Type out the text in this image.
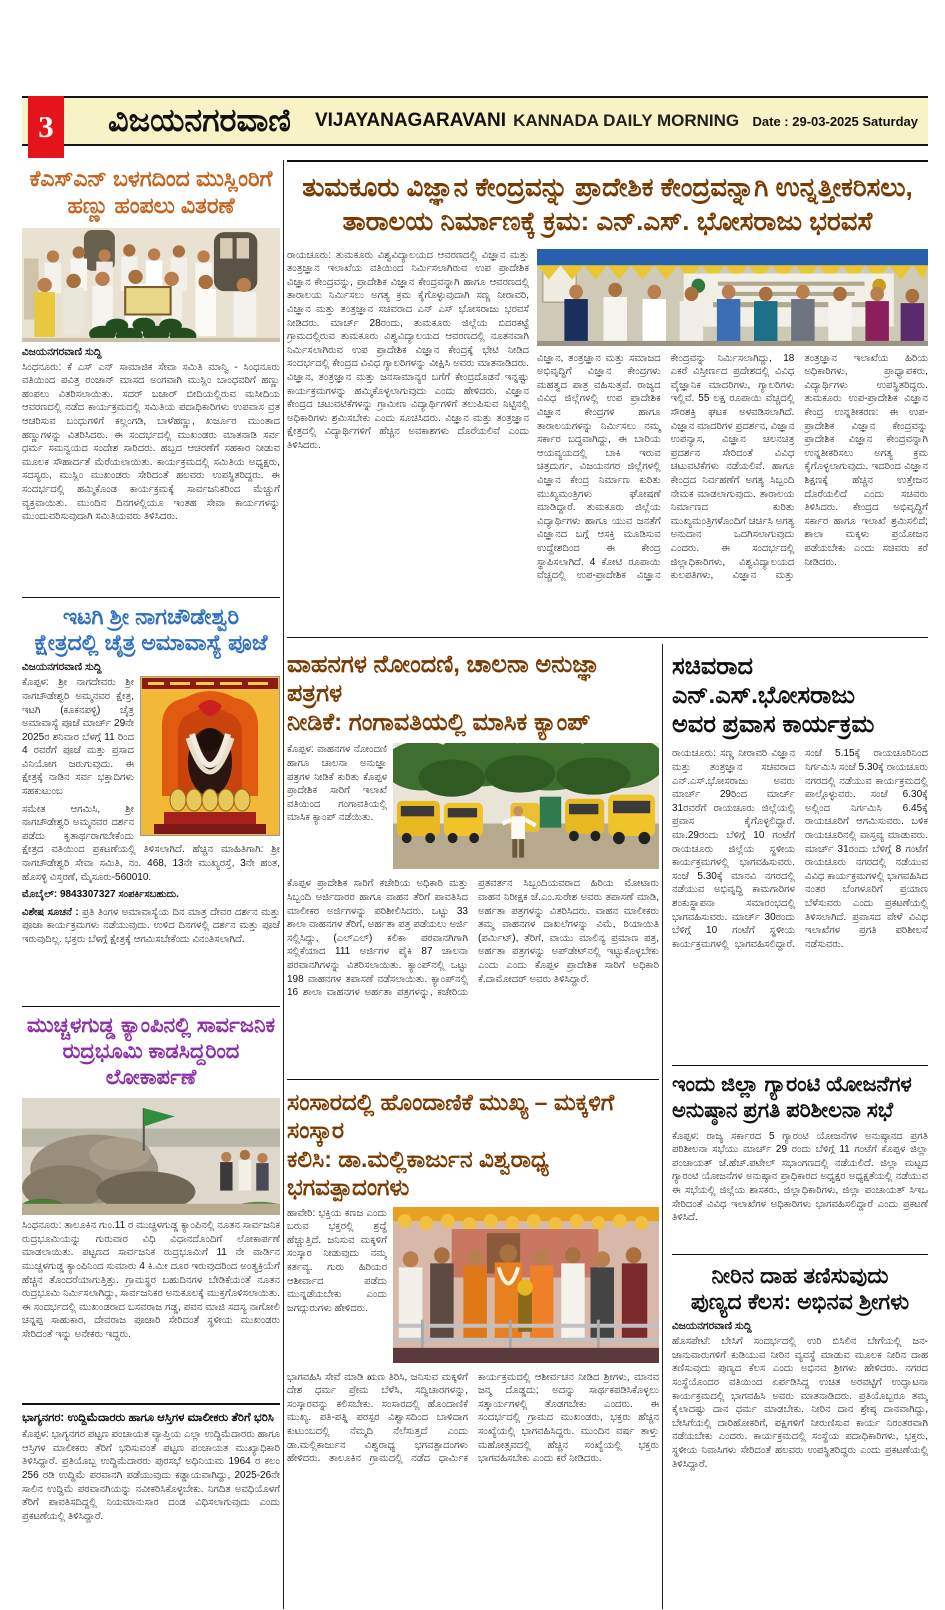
3 ವಿಜಯನಗರವಾಣಿ VIJAYANAGARAVANI KANNADA DAILY MORNING Date : 29-03-2025 Saturday
ಕೆಎಸ್‌ಎನ್ ಬಳಗದಿಂದ ಮುಸ್ಲಿಂರಿಗೆ
ಹಣ್ಣು ಹಂಪಲು ವಿತರಣೆ
ವಿಜಯನಗರವಾಣಿ ಸುದ್ದಿ
ಸಿಂಧನೂರು: ಕೆ ಎಸ್ ಎನ್ ಸಾಮಾಜಿಕ ಸೇವಾ ಸಮಿತಿ ಮಾನ್ವಿ - ಸಿಂಧನೂರು ವತಿಯಿಂದ ಪವಿತ್ರ ರಂಜಾನ್ ಮಾಸದ ಅಂಗವಾಗಿ ಮುಸ್ಲಿಂ ಬಾಂಧವರಿಗೆ ಹಣ್ಣು ಹಂಪಲು ವಿತರಿಸಲಾಯಿತು. ಸದರ್ ಬಜಾರ್ ಬೀದಿಯಲ್ಲಿರುವ ಮಸೀದಿಯ ಆವರಣದಲ್ಲಿ ನಡೆದ ಕಾರ್ಯಕ್ರಮದಲ್ಲಿ ಸಮಿತಿಯ ಪದಾಧಿಕಾರಿಗಳು ಉಪವಾಸ ವ್ರತ ಆಚರಿಸುವ ಬಂಧುಗಳಿಗೆ ಕಲ್ಲಂಗಡಿ, ಬಾಳೆಹಣ್ಣು, ಖರ್ಜೂರ ಮುಂತಾದ ಹಣ್ಣುಗಳನ್ನು ವಿತರಿಸಿದರು. ಈ ಸಂದರ್ಭದಲ್ಲಿ ಮುಖಂಡರು ಮಾತನಾಡಿ ಸರ್ವ ಧರ್ಮ ಸಮನ್ವಯದ ಸಂದೇಶ ಸಾರಿದರು. ಹಬ್ಬದ ಆಚರಣೆಗೆ ಸಹಕಾರ ನೀಡುವ ಮೂಲಕ ಸೌಹಾರ್ದತೆ ಮೆರೆಯಲಾಯಿತು. ಕಾರ್ಯಕ್ರಮದಲ್ಲಿ ಸಮಿತಿಯ ಅಧ್ಯಕ್ಷರು, ಸದಸ್ಯರು, ಮುಸ್ಲಿಂ ಮುಖಂಡರು ಸೇರಿದಂತೆ ಹಲವರು ಉಪಸ್ಥಿತರಿದ್ದರು. ಈ ಸಂದರ್ಭದಲ್ಲಿ ಹಮ್ಮಿಕೊಂಡ ಕಾರ್ಯಕ್ರಮಕ್ಕೆ ಸಾರ್ವಜನಿಕರಿಂದ ಮೆಚ್ಚುಗೆ ವ್ಯಕ್ತವಾಯಿತು. ಮುಂದಿನ ದಿನಗಳಲ್ಲಿಯೂ ಇಂತಹ ಸೇವಾ ಕಾರ್ಯಗಳನ್ನು ಮುಂದುವರಿಸುವುದಾಗಿ ಸಮಿತಿಯವರು ತಿಳಿಸಿದರು.
ಇಟಗಿ ಶ್ರೀ ನಾಗಚೌಡೇಶ್ವರಿ
ಕ್ಷೇತ್ರದಲ್ಲಿ ಚೈತ್ರ ಅಮಾವಾಸ್ಯೆ ಪೂಜೆ
ವಿಜಯನಗರವಾಣಿ ಸುದ್ದಿ

ಕೊಪ್ಪಳ: ಶ್ರೀ ನಾಗದೇವರು ಶ್ರೀ ನಾಗಚೌಡೇಶ್ವರಿ ಅಮ್ಮನವರ ಕ್ಷೇತ್ರ, ಇಟಗಿ (ಕೂಕನಪಳ್ಳಿ) ಚೈತ್ರ ಅಮಾವಾಸ್ಯೆ ಪೂಜೆ ಮಾರ್ಚ್ 29ನೇ 2025ರ ಶನಿವಾರ ಬೆಳಗ್ಗೆ 11 ರಿಂದ 4 ರವರೆಗೆ ಪೂಜೆ ಮತ್ತು ಪ್ರಸಾದ ವಿನಿಯೋಗ ಜರುಗುವುದು. ಈ ಕ್ಷೇತ್ರಕ್ಕೆ ನಾಡಿನ ಸರ್ವ ಭಕ್ತಾದಿಗಳು ಸಹಕುಟುಂಬ

ಸಮೇತ ಆಗಮಿಸಿ, ಶ್ರೀ ನಾಗಚೌಡೇಶ್ವರಿ ಅಮ್ಮನವರ ದರ್ಶನ ಪಡೆದು ಕೃತಾರ್ಥರಾಗಬೇಕೆಂದು ಕ್ಷೇತ್ರದ ವತಿಯಿಂದ ಪ್ರಕಟಣೆಯಲ್ಲಿ ತಿಳಿಸಲಾಗಿದೆ. ಹೆಚ್ಚಿನ ಮಾಹಿತಿಗಾಗಿ: ಶ್ರೀ ನಾಗಚೌಡೇಶ್ವರಿ ಸೇವಾ ಸಮಿತಿ, ನಂ. 468, 13ನೇ ಮುಖ್ಯರಸ್ತೆ, 3ನೇ ಹಂತ, ಹೊಸಳ್ಳಿ ವಿಸ್ತರಣೆ, ಮೈಸೂರು-560010.

ಮೊಬೈಲ್: 9843307327 ಸಂಪರ್ಕಿಸಬಹುದು.

ವಿಶೇಷ ಸೂಚನೆ : ಪ್ರತಿ ತಿಂಗಳ ಅಮಾವಾಸ್ಯೆಯ ದಿನ ಮಾತ್ರ ದೇವರ ದರ್ಶನ ಮತ್ತು ಪೂಜಾ ಕಾರ್ಯಕ್ರಮಗಳು ನಡೆಯುವುದು. ಉಳಿದ ದಿನಗಳಲ್ಲಿ ದರ್ಶನ ಮತ್ತು ಪೂಜೆ ಇರುವುದಿಲ್ಲ. ಭಕ್ತರು ಬೆಳಗ್ಗೆ ಕ್ಷೇತ್ರಕ್ಕೆ ಆಗಮಿಸಬೇಕೆಂದು ವಿನಂತಿಸಲಾಗಿದೆ.

ಮುಚ್ಚಳಗುಡ್ಡ ಕ್ಯಾಂಪಿನಲ್ಲಿ ಸಾರ್ವಜನಿಕ
ರುದ್ರಭೂಮಿ ಕಾಡಸಿದ್ದರಿಂದ ಲೋಕಾರ್ಪಣೆ
ಸಿಂಧನೂರು: ತಾಲೂಕಿನ ಗುಂ.11 ರ ಮುಚ್ಚಳಗುಡ್ಡ ಕ್ಯಾಂಪಿನಲ್ಲಿ ನೂತನ ಸಾರ್ವಜನಿಕ ರುದ್ರಭೂಮಿಯನ್ನು ಗುರುವಾರ ವಿಧಿ ವಿಧಾನದೊಂದಿಗೆ ಲೋಕಾರ್ಪಣೆ ಮಾಡಲಾಯಿತು. ಪಟ್ಟಣದ ಸಾರ್ವಜನಿಕ ರುದ್ರಭೂಮಿಗೆ 11 ನೇ ವಾರ್ಡಿನ ಮುಚ್ಚಳಗುಡ್ಡ ಕ್ಯಾಂಪಿನಿಂದ ಸುಮಾರು 4 ಕಿ.ಮೀ ದೂರ ಇರುವುದರಿಂದ ಅಂತ್ಯಕ್ರಿಯೆಗೆ ಹೆಚ್ಚಿನ ತೊಂದರೆಯಾಗುತ್ತಿತ್ತು. ಗ್ರಾಮಸ್ಥರ ಬಹುದಿನಗಳ ಬೇಡಿಕೆಯಂತೆ ನೂತನ ರುದ್ರಭೂಮಿ ನಿರ್ಮಿಸಲಾಗಿದ್ದು, ಸಾರ್ವಜನಿಕರ ಅನುಕೂಲಕ್ಕೆ ಮುಕ್ತಗೊಳಿಸಲಾಯಿತು. ಈ ಸಂದರ್ಭದಲ್ಲಿ ಮುಖಂಡರಾದ ಬಸವರಾಜ ಗಡ್ಡ, ಪವನ ಮಾಜಿ ಸದಸ್ಯ ನಾಗೋಲಿ ಚನ್ನಪ್ಪ ಸಾಹುಕಾರ, ದೇವರಾಜ ಪೂಜಾರಿ ಸೇರಿದಂತೆ ಸ್ಥಳೀಯ ಮುಖಂಡರು ಸೇರಿದಂತೆ ಇನ್ನು ಅನೇಕರು ಇದ್ದರು.
ಭಾಗ್ಯನಗರ: ಉದ್ದಿಮೆದಾರರು ಹಾಗೂ ಆಸ್ತಿಗಳ ಮಾಲೀಕರು ತೆರಿಗೆ ಭರಿಸಿ
ಕೊಪ್ಪಳ: ಭಾಗ್ಯನಗರ ಪಟ್ಟಣ ಪಂಚಾಯತ ವ್ಯಾಪ್ತಿಯ ಎಲ್ಲಾ ಉದ್ದಿಮೆದಾರರು ಹಾಗೂ ಆಸ್ತಿಗಳ ಮಾಲೀಕರು ತೆರಿಗೆ ಭರಿಸುವಂತೆ ಪಟ್ಟಣ ಪಂಚಾಯತ ಮುಖ್ಯಾಧಿಕಾರಿ ತಿಳಿಸಿದ್ದಾರೆ. ಪ್ರತಿಯೊಬ್ಬ ಉದ್ದಿಮೆದಾರರು ಪುರಸಭೆ ಅಧಿನಿಯಮ 1964 ರ ಕಲಂ 256 ರಡಿ ಉದ್ದಿಮೆ ಪರವಾನಗಿ ಪಡೆಯುವುದು ಕಡ್ಡಾಯವಾಗಿದ್ದು, 2025-26ನೇ ಸಾಲಿನ ಉದ್ದಿಮೆ ಪರವಾನಗಿಯನ್ನು ನವೀಕರಿಸಿಕೊಳ್ಳಬೇಕು. ನಿಗದಿತ ಅವಧಿಯೊಳಗೆ ತೆರಿಗೆ ಪಾವತಿಸದಿದ್ದಲ್ಲಿ ನಿಯಮಾನುಸಾರ ದಂಡ ವಿಧಿಸಲಾಗುವುದು ಎಂದು ಪ್ರಕಟಣೆಯಲ್ಲಿ ತಿಳಿಸಿದ್ದಾರೆ.
ತುಮಕೂರು ವಿಜ್ಞಾನ ಕೇಂದ್ರವನ್ನು ಪ್ರಾದೇಶಿಕ ಕೇಂದ್ರವನ್ನಾಗಿ ಉನ್ನತ್ತೀಕರಿಸಲು,
ತಾರಾಲಯ ನಿರ್ಮಾಣಕ್ಕೆ ಕ್ರಮ: ಎನ್.ಎಸ್. ಭೋಸರಾಜು ಭರವಸೆ
ರಾಯಚೂರು: ತುಮಕೂರು ವಿಶ್ವವಿದ್ಯಾಲಯದ ಆವರಣದಲ್ಲಿ ವಿಜ್ಞಾನ ಮತ್ತು ತಂತ್ರಜ್ಞಾನ ಇಲಾಖೆಯ ವತಿಯಿಂದ ನಿರ್ಮಿಸಲಾಗಿರುವ ಉಪ ಪ್ರಾದೇಶಿಕ ವಿಜ್ಞಾನ ಕೇಂದ್ರವನ್ನು, ಪ್ರಾದೇಶಿಕ ವಿಜ್ಞಾನ ಕೇಂದ್ರವನ್ನಾಗಿ ಹಾಗೂ ಆವರಣದಲ್ಲಿ ತಾರಾಲಯ ನಿರ್ಮಿಸಲು ಅಗತ್ಯ ಕ್ರಮ ಕೈಗೊಳ್ಳುವುದಾಗಿ ಸಣ್ಣ ನೀರಾವರಿ, ವಿಜ್ಞಾನ ಮತ್ತು ತಂತ್ರಜ್ಞಾನ ಸಚಿವರಾದ ಎನ್ ಎಸ್ ಭೋಸರಾಜು ಭರವಸೆ ನೀಡಿದರು. ಮಾರ್ಚ್ 28ರಂದು, ತುಮಕೂರು ಜಿಲ್ಲೆಯ ಬಿದರಕಟ್ಟೆ ಗ್ರಾಮದಲ್ಲಿರುವ ತುಮಕೂರು ವಿಶ್ವವಿದ್ಯಾಲಯದ ಆವರಣದಲ್ಲಿ ನೂತನವಾಗಿ ನಿರ್ಮಿಸಲಾಗಿರುವ ಉಪ ಪ್ರಾದೇಶಿಕ ವಿಜ್ಞಾನ ಕೇಂದ್ರಕ್ಕೆ ಭೇಟಿ ನೀಡಿದ ಸಂದರ್ಭದಲ್ಲಿ ಕೇಂದ್ರದ ವಿವಿಧ ಗ್ಯಾಲರಿಗಳನ್ನು ವೀಕ್ಷಿಸಿ ಅವರು ಮಾತನಾಡಿದರು. ವಿಜ್ಞಾನ, ತಂತ್ರಜ್ಞಾನ ಮತ್ತು ಜನಸಾಮಾನ್ಯರ ಬಗೆಗೆ ಕೇಂದ್ರದೊಡನೆ ಇನ್ನಷ್ಟು ಕಾರ್ಯಕ್ರಮಗಳನ್ನು ಹಮ್ಮಿಕೊಳ್ಳಲಾಗುವುದು ಎಂದು ಹೇಳಿದರು. ವಿಜ್ಞಾನ ಕೇಂದ್ರದ ಚಟುವಟಿಕೆಗಳನ್ನು ಗ್ರಾಮೀಣ ವಿದ್ಯಾರ್ಥಿಗಳಿಗೆ ತಲುಪಿಸುವ ನಿಟ್ಟಿನಲ್ಲಿ ಅಧಿಕಾರಿಗಳು ಶ್ರಮಿಸಬೇಕು ಎಂದು ಸೂಚಿಸಿದರು. ವಿಜ್ಞಾನ ಮತ್ತು ತಂತ್ರಜ್ಞಾನ ಕ್ಷೇತ್ರದಲ್ಲಿ ವಿದ್ಯಾರ್ಥಿಗಳಿಗೆ ಹೆಚ್ಚಿನ ಅವಕಾಶಗಳು ದೊರೆಯಲಿವೆ ಎಂದು ತಿಳಿಸಿದರು.
ವಿಜ್ಞಾನ, ತಂತ್ರಜ್ಞಾನ ಮತ್ತು ಸಮಾಜದ ಅಭಿವೃದ್ಧಿಗೆ ವಿಜ್ಞಾನ ಕೇಂದ್ರಗಳು ಮಹತ್ವದ ಪಾತ್ರ ವಹಿಸುತ್ತವೆ. ರಾಜ್ಯದ ವಿವಿಧ ಜಿಲ್ಲೆಗಳಲ್ಲಿ ಉಪ ಪ್ರಾದೇಶಿಕ ವಿಜ್ಞಾನ ಕೇಂದ್ರಗಳ ಹಾಗೂ ತಾರಾಲಯಗಳನ್ನು ನಿರ್ಮಿಸಲು ನಮ್ಮ ಸರ್ಕಾರ ಬದ್ಧವಾಗಿದ್ದು, ಈ ಬಾರಿಯ ಆಯವ್ಯಯದಲ್ಲಿ ಬಾಕಿ ಇರುವ ಚಿತ್ರದುರ್ಗ, ವಿಜಯನಗರ ಜಿಲ್ಲೆಗಳಲ್ಲಿ ವಿಜ್ಞಾನ ಕೇಂದ್ರ ನಿರ್ಮಾಣ ಕುರಿತು ಮುಖ್ಯಮಂತ್ರಿಗಳು ಘೋಷಣೆ ಮಾಡಿದ್ದಾರೆ. ತುಮಕೂರು ಜಿಲ್ಲೆಯ ವಿದ್ಯಾರ್ಥಿಗಳು ಹಾಗೂ ಯುವ ಜನತೆಗೆ ವಿಜ್ಞಾನದ ಬಗ್ಗೆ ಆಸಕ್ತಿ ಮೂಡಿಸುವ ಉದ್ದೇಶದಿಂದ ಈ ಕೇಂದ್ರ ಸ್ಥಾಪಿಸಲಾಗಿದೆ. 4 ಕೋಟಿ ರೂಪಾಯಿ ವೆಚ್ಚದಲ್ಲಿ ಉಪ-ಪ್ರಾದೇಶಿಕ ವಿಜ್ಞಾನ ಕೇಂದ್ರವನ್ನು ನಿರ್ಮಿಸಲಾಗಿದ್ದು, 18 ಎಕರೆ ವಿಸ್ತೀರ್ಣದ ಪ್ರದೇಶದಲ್ಲಿ ವಿವಿಧ ವೈಜ್ಞಾನಿಕ ಮಾದರಿಗಳು, ಗ್ಯಾಲರಿಗಳು ಇಲ್ಲಿವೆ. 55 ಲಕ್ಷ ರೂಪಾಯಿ ವೆಚ್ಚದಲ್ಲಿ ಸೌರಶಕ್ತಿ ಘಟಕ ಅಳವಡಿಸಲಾಗಿದೆ. ವಿಜ್ಞಾನ ಮಾದರಿಗಳ ಪ್ರದರ್ಶನ, ವಿಜ್ಞಾನ ಉಪನ್ಯಾಸ, ವಿಜ್ಞಾನ ಚಲನಚಿತ್ರ ಪ್ರದರ್ಶನ ಸೇರಿದಂತೆ ವಿವಿಧ ಚಟುವಟಿಕೆಗಳು ನಡೆಯಲಿವೆ. ಹಾಗೂ ಕೇಂದ್ರದ ನಿರ್ವಹಣೆಗೆ ಅಗತ್ಯ ಸಿಬ್ಬಂದಿ ನೇಮಕ ಮಾಡಲಾಗುವುದು. ತಾರಾಲಯ ನಿರ್ಮಾಣದ ಕುರಿತು ಮುಖ್ಯಮಂತ್ರಿಗಳೊಂದಿಗೆ ಚರ್ಚಿಸಿ ಅಗತ್ಯ ಅನುದಾನ ಒದಗಿಸಲಾಗುವುದು ಎಂದರು. ಈ ಸಂದರ್ಭದಲ್ಲಿ ಜಿಲ್ಲಾಧಿಕಾರಿಗಳು, ವಿಶ್ವವಿದ್ಯಾಲಯದ ಕುಲಪತಿಗಳು, ವಿಜ್ಞಾನ ಮತ್ತು ತಂತ್ರಜ್ಞಾನ ಇಲಾಖೆಯ ಹಿರಿಯ ಅಧಿಕಾರಿಗಳು, ಪ್ರಾಧ್ಯಾಪಕರು, ವಿದ್ಯಾರ್ಥಿಗಳು ಉಪಸ್ಥಿತರಿದ್ದರು. ತುಮಕೂರು ಉಪ-ಪ್ರಾದೇಶಿಕ ವಿಜ್ಞಾನ ಕೇಂದ್ರ ಉನ್ನತೀಕರಣ: ಈ ಉಪ-ಪ್ರಾದೇಶಿಕ ವಿಜ್ಞಾನ ಕೇಂದ್ರವನ್ನು ಪ್ರಾದೇಶಿಕ ವಿಜ್ಞಾನ ಕೇಂದ್ರವನ್ನಾಗಿ ಉನ್ನತೀಕರಿಸಲು ಅಗತ್ಯ ಕ್ರಮ ಕೈಗೊಳ್ಳಲಾಗುವುದು. ಇದರಿಂದ ವಿಜ್ಞಾನ ಶಿಕ್ಷಣಕ್ಕೆ ಹೆಚ್ಚಿನ ಉತ್ತೇಜನ ದೊರೆಯಲಿದೆ ಎಂದು ಸಚಿವರು ತಿಳಿಸಿದರು. ಕೇಂದ್ರದ ಅಭಿವೃದ್ಧಿಗೆ ಸರ್ಕಾರ ಹಾಗೂ ಇಲಾಖೆ ಶ್ರಮಿಸಲಿದೆ; ಶಾಲಾ ಮಕ್ಕಳು ಪ್ರಯೋಜನ ಪಡೆಯಬೇಕು ಎಂದು ಸಚಿವರು ಕರೆ ನೀಡಿದರು.
ವಾಹನಗಳ ನೋಂದಣಿ, ಚಾಲನಾ ಅನುಜ್ಞಾ ಪತ್ರಗಳ
ನೀಡಿಕೆ: ಗಂಗಾವತಿಯಲ್ಲಿ ಮಾಸಿಕ ಕ್ಯಾಂಪ್
ಕೊಪ್ಪಳ: ವಾಹನಗಳ ನೋಂದಣಿ ಹಾಗೂ ಚಾಲನಾ ಅನುಜ್ಞಾ ಪತ್ರಗಳ ನೀಡಿಕೆ ಕುರಿತು ಕೊಪ್ಪಳ ಪ್ರಾದೇಶಿಕ ಸಾರಿಗೆ ಇಲಾಖೆ ವತಿಯಿಂದ ಗಂಗಾವತಿಯಲ್ಲಿ ಮಾಸಿಕ ಕ್ಯಾಂಪ್ ನಡೆಯಿತು.
ಕೊಪ್ಪಳ ಪ್ರಾದೇಶಿಕ ಸಾರಿಗೆ ಕಚೇರಿಯ ಅಧಿಕಾರಿ ಮತ್ತು ಸಿಬ್ಬಂದಿ ಅರ್ಜಿದಾರರ ಹಾಗೂ ವಾಹನ ತೆರಿಗೆ ಪಾವತಿಸಿದ ಮಾಲೀಕರ ಅರ್ಜಿಗಳನ್ನು ಪರಿಶೀಲಿಸಿದರು. ಒಟ್ಟು 33 ಶಾಲಾ ವಾಹನಗಳ ತೆರಿಗೆ, ಅರ್ಹತಾ ಪತ್ರ ಪಡೆಯಲು ಅರ್ಜಿ ಸಲ್ಲಿಸಿದ್ದು, (ಎಲ್‌ಎಲ್) ಕಲಿಕಾ ಪರವಾನಗಿಗಾಗಿ ಸಲ್ಲಿಕೆಯಾದ 111 ಅರ್ಜಿಗಳ ಪೈಕಿ 87 ಚಾಲನಾ ಪರವಾನಗಿಗಳನ್ನು ವಿತರಿಸಲಾಯಿತು. ಕ್ಯಾಂಪ್‌ನಲ್ಲಿ ಒಟ್ಟು 198 ವಾಹನಗಳ ತಪಾಸಣೆ ನಡೆಸಲಾಯಿತು. ಕ್ಯಾಂಪ್‌ನಲ್ಲಿ 16 ಶಾಲಾ ವಾಹನಗಳ ಅರ್ಹತಾ ಪತ್ರಗಳನ್ನು, ಕಚೇರಿಯ ಪ್ರತವರ್ತನ ಸಿಬ್ಬಂದಿಯವರಾದ ಹಿರಿಯ ಮೋಟಾರು ವಾಹನ ನಿರೀಕ್ಷಕ ಜೆ.ಎಂ.ಸುರೇಶ ಅವರು ತಪಾಸಣೆ ಮಾಡಿ, ಅರ್ಹತಾ ಪತ್ರಗಳನ್ನು ವಿತರಿಸಿದರು. ವಾಹನ ಮಾಲೀಕರು ತಮ್ಮ ವಾಹನಗಳ ದಾಖಲೆಗಳನ್ನು ವಿಮೆ, ರಿಯಾಯಿತಿ (ಪರ್ಮಿಟ್), ತೆರಿಗೆ, ವಾಯು ಮಾಲಿನ್ಯ ಪ್ರಮಾಣ ಪತ್ರ, ಅರ್ಹತಾ ಪತ್ರಗಳನ್ನು ಅಪ್‌ಡೇಟ್‌ನಲ್ಲಿ ಇಟ್ಟುಕೊಳ್ಳಬೇಕು ಎಂದು ಎಂದು ಕೊಪ್ಪಳ ಪ್ರಾದೇಶಿಕ ಸಾರಿಗೆ ಅಧಿಕಾರಿ ಕೆ.ದಾಮೋದರ್ ಅವರು ತಿಳಿಸಿದ್ದಾರೆ.
ಸಂಸಾರದಲ್ಲಿ ಹೊಂದಾಣಿಕೆ ಮುಖ್ಯ – ಮಕ್ಕಳಿಗೆ ಸಂಸ್ಕಾರ
ಕಲಿಸಿ: ಡಾ.ಮಲ್ಲಿಕಾರ್ಜುನ ವಿಶ್ವರಾಧ್ಯ ಭಗವತ್ಪಾದಂಗಳು
ಹಾವೇರಿ: ಭಕ್ತಿಯ ಕಣಜ ಎಂದು ಬರುವ ಭಕ್ತರಲ್ಲಿ ಶ್ರದ್ಧೆ ಹೆಚ್ಚುತ್ತಿದೆ. ಜನಿಸುವ ಮಕ್ಕಳಿಗೆ ಸಂಸ್ಕಾರ ನೀಡುವುದು ನಮ್ಮ ಕರ್ತವ್ಯ. ಗುರು ಹಿರಿಯರ ಆಶೀರ್ವಾದ ಪಡೆದು ಮುನ್ನಡೆಯಬೇಕು ಎಂದು ಜಗದ್ಗುರುಗಳು ಹೇಳಿದರು.
ಭಾಗವಹಿಸಿ ಸೇವೆ ಮಾಡಿ ಋಣ ತಿರಿಸಿ, ಜನಿಸುವ ಮಕ್ಕಳಿಗೆ ದೇಶ ಧರ್ಮ ಪ್ರೇಮ ಬೆಳೆಸಿ, ಸದ್ವಿಚಾರಗಳನ್ನು, ಸಂಸ್ಕಾರವನ್ನು ಕಲಿಸಬೇಕು. ಸಂಸಾರದಲ್ಲಿ ಹೊಂದಾಣಿಕೆ ಮುಖ್ಯ. ಪತಿ-ಪತ್ನಿ ಪರಸ್ಪರ ವಿಶ್ವಾಸದಿಂದ ಬಾಳಿದಾಗ ಕುಟುಂಬದಲ್ಲಿ ನೆಮ್ಮದಿ ನೆಲೆಸುತ್ತದೆ ಎಂದು ಡಾ.ಮಲ್ಲಿಕಾರ್ಜುನ ವಿಶ್ವರಾಧ್ಯ ಭಗವತ್ಪಾದಂಗಳು ಹೇಳಿದರು. ತಾಲೂಕಿನ ಗ್ರಾಮದಲ್ಲಿ ನಡೆದ ಧಾರ್ಮಿಕ ಕಾರ್ಯಕ್ರಮದಲ್ಲಿ ಆಶೀರ್ವಚನ ನೀಡಿದ ಶ್ರೀಗಳು, ಮಾನವ ಜನ್ಮ ದೊಡ್ಡದು; ಅದನ್ನು ಸಾರ್ಥಕಪಡಿಸಿಕೊಳ್ಳಲು ಸತ್ಕಾರ್ಯಗಳಲ್ಲಿ ತೊಡಗಬೇಕು ಎಂದರು. ಈ ಸಂದರ್ಭದಲ್ಲಿ ಗ್ರಾಮದ ಮುಖಂಡರು, ಭಕ್ತರು ಹೆಚ್ಚಿನ ಸಂಖ್ಯೆಯಲ್ಲಿ ಭಾಗವಹಿಸಿದ್ದರು. ಮುಂದಿನ ವರ್ಷ ತಾಳ್ತು ಮಹೋತ್ಸವದಲ್ಲಿ ಹೆಚ್ಚಿನ ಸಂಖ್ಯೆಯಲ್ಲಿ ಭಕ್ತರು ಭಾಗವಹಿಸಬೇಕು ಎಂದು ಕರೆ ನೀಡಿದರು.
ಸಚಿವರಾದ ಎನ್.ಎಸ್.ಭೋಸರಾಜು
ಅವರ ಪ್ರವಾಸ ಕಾರ್ಯಕ್ರಮ
ರಾಯಚೂರು: ಸಣ್ಣ ನೀರಾವರಿ ವಿಜ್ಞಾನ ಮತ್ತು ತಂತ್ರಜ್ಞಾನ ಸಚಿವರಾದ ಎನ್.ಎಸ್.ಭೋಸರಾಜು ಅವರು ಮಾರ್ಚ್ 29ರಿಂದ ಮಾರ್ಚ್ 31ರವರೆಗೆ ರಾಯಚೂರು ಜಿಲ್ಲೆಯಲ್ಲಿ ಪ್ರವಾಸ ಕೈಗೊಳ್ಳಲಿದ್ದಾರೆ. ಮಾ.29ರಂದು ಬೆಳಿಗ್ಗೆ 10 ಗಂಟೆಗೆ ರಾಯಚೂರು ಜಿಲ್ಲೆಯ ಸ್ಥಳೀಯ ಕಾರ್ಯಕ್ರಮಗಳಲ್ಲಿ ಭಾಗವಹಿಸುವರು. ಸಂಜೆ 5.30ಕ್ಕೆ ಮಾನವಿ ನಗರದಲ್ಲಿ ನಡೆಯುವ ಅಭಿವೃದ್ಧಿ ಕಾಮಗಾರಿಗಳ ಶಂಕುಸ್ಥಾಪನಾ ಸಮಾರಂಭದಲ್ಲಿ ಭಾಗವಹಿಸುವರು. ಮಾರ್ಚ್ 30ರಂದು ಬೆಳಿಗ್ಗೆ 10 ಗಂಟೆಗೆ ಸ್ಥಳೀಯ ಕಾರ್ಯಕ್ರಮಗಳಲ್ಲಿ ಭಾಗವಹಿಸಲಿದ್ದಾರೆ. ಸಂಜೆ 5.15ಕ್ಕೆ ರಾಯಚೂರಿನಿಂದ ನಿರ್ಗಮಿಸಿ ಸಂಜೆ 5.30ಕ್ಕೆ ರಾಯಚೂರು ನಗರದಲ್ಲಿ ನಡೆಯುವ ಕಾರ್ಯಕ್ರಮದಲ್ಲಿ ಪಾಲ್ಗೊಳ್ಳುವರು. ಸಂಜೆ 6.30ಕ್ಕೆ ಅಲ್ಲಿಂದ ನಿರ್ಗಮಿಸಿ 6.45ಕ್ಕೆ ರಾಯಚೂರಿಗೆ ಆಗಮಿಸುವರು. ಬಳಿಕ ರಾಯಚೂರಿನಲ್ಲಿ ವಾಸ್ತವ್ಯ ಮಾಡುವರು. ಮಾರ್ಚ್ 31ರಂದು ಬೆಳಿಗ್ಗೆ 8 ಗಂಟೆಗೆ ರಾಯಚೂರು ನಗರದಲ್ಲಿ ನಡೆಯುವ ವಿವಿಧ ಕಾರ್ಯಕ್ರಮಗಳಲ್ಲಿ ಭಾಗವಹಿಸಿದ ನಂತರ ಬೆಂಗಳೂರಿಗೆ ಪ್ರಯಾಣ ಬೆಳೆಸುವರು ಎಂದು ಪ್ರಕಟಣೆಯಲ್ಲಿ ತಿಳಿಸಲಾಗಿದೆ. ಪ್ರವಾಸದ ವೇಳೆ ವಿವಿಧ ಇಲಾಖೆಗಳ ಪ್ರಗತಿ ಪರಿಶೀಲನೆ ನಡೆಸುವರು.
ಇಂದು ಜಿಲ್ಲಾ ಗ್ಯಾರಂಟಿ ಯೋಜನೆಗಳ
ಅನುಷ್ಠಾನ ಪ್ರಗತಿ ಪರಿಶೀಲನಾ ಸಭೆ
ಕೊಪ್ಪಳ: ರಾಜ್ಯ ಸರ್ಕಾರದ 5 ಗ್ಯಾರಂಟಿ ಯೋಜನೆಗಳ ಅನುಷ್ಠಾನದ ಪ್ರಗತಿ ಪರಿಶೀಲನಾ ಸಭೆಯು ಮಾರ್ಚ್ 29 ರಂದು ಬೆಳಿಗ್ಗೆ 11 ಗಂಟೆಗೆ ಕೊಪ್ಪಳ ಜಿಲ್ಲಾ ಪಂಚಾಯತ್ ಜೆ.ಹೆಚ್.ಪಟೇಲ್ ಸಭಾಂಗಣದಲ್ಲಿ ನಡೆಯಲಿದೆ. ಜಿಲ್ಲಾ ಮಟ್ಟದ ಗ್ಯಾರಂಟಿ ಯೋಜನೆಗಳ ಅನುಷ್ಠಾನ ಪ್ರಾಧಿಕಾರದ ಅಧ್ಯಕ್ಷರ ಅಧ್ಯಕ್ಷತೆಯಲ್ಲಿ ನಡೆಯುವ ಈ ಸಭೆಯಲ್ಲಿ ಜಿಲ್ಲೆಯ ಶಾಸಕರು, ಜಿಲ್ಲಾಧಿಕಾರಿಗಳು, ಜಿಲ್ಲಾ ಪಂಚಾಯತ್ ಸಿಇಒ ಸೇರಿದಂತೆ ವಿವಿಧ ಇಲಾಖೆಗಳ ಅಧಿಕಾರಿಗಳು ಭಾಗವಹಿಸಲಿದ್ದಾರೆ ಎಂದು ಪ್ರಕಟಣೆ ತಿಳಿಸಿದೆ.
ನೀರಿನ ದಾಹ ತಣಿಸುವುದು
ಪುಣ್ಯದ ಕೆಲಸ: ಅಭಿನವ ಶ್ರೀಗಳು
ವಿಜಯನಗರವಾಣಿ ಸುದ್ದಿ
ಹೊಸಪೇಟೆ: ಬೇಸಿಗೆ ಸಂದರ್ಭದಲ್ಲಿ ಉರಿ ಬಿಸಿಲಿನ ಬೇಗೆಯಲ್ಲಿ ಜನ-ಜಾನುವಾರುಗಳಿಗೆ ಕುಡಿಯುವ ನೀರಿನ ವ್ಯವಸ್ಥೆ ಮಾಡುವ ಮೂಲಕ ನೀರಿನ ದಾಹ ತಣಿಸುವುದು ಪುಣ್ಯದ ಕೆಲಸ ಎಂದು ಅಭಿನವ ಶ್ರೀಗಳು ಹೇಳಿದರು. ನಗರದ ಸಂಸ್ಥೆಯೊಂದರ ವತಿಯಿಂದ ಏರ್ಪಡಿಸಿದ್ದ ಉಚಿತ ಅರವಟ್ಟಿಗೆ ಉದ್ಘಾಟನಾ ಕಾರ್ಯಕ್ರಮದಲ್ಲಿ ಭಾಗವಹಿಸಿ ಅವರು ಮಾತನಾಡಿದರು. ಪ್ರತಿಯೊಬ್ಬರೂ ತಮ್ಮ ಕೈಲಾದಷ್ಟು ದಾನ ಧರ್ಮ ಮಾಡಬೇಕು. ನೀರಿನ ದಾನ ಶ್ರೇಷ್ಠ ದಾನವಾಗಿದ್ದು, ಬೇಸಿಗೆಯಲ್ಲಿ ದಾರಿಹೋಕರಿಗೆ, ಪಕ್ಷಿಗಳಿಗೆ ನೀರುಣಿಸುವ ಕಾರ್ಯ ನಿರಂತರವಾಗಿ ನಡೆಯಬೇಕು ಎಂದರು. ಕಾರ್ಯಕ್ರಮದಲ್ಲಿ ಸಂಸ್ಥೆಯ ಪದಾಧಿಕಾರಿಗಳು, ಭಕ್ತರು, ಸ್ಥಳೀಯ ನಿವಾಸಿಗಳು ಸೇರಿದಂತೆ ಹಲವರು ಉಪಸ್ಥಿತರಿದ್ದರು ಎಂದು ಪ್ರಕಟಣೆಯಲ್ಲಿ ತಿಳಿಸಿದ್ದಾರೆ.
